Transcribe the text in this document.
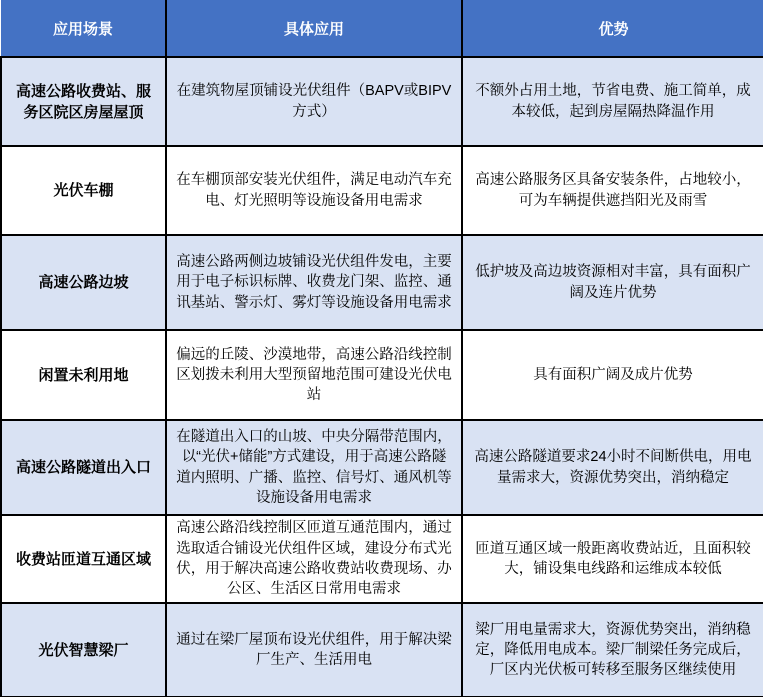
应用场景	具体应用	优势
高速公路收费站、服务区院区房屋屋顶	在建筑物屋顶铺设光伏组件（BAPV或BIPV方式）	不额外占用土地，节省电费、施工简单，成本较低，起到房屋隔热降温作用
光伏车棚	在车棚顶部安装光伏组件，满足电动汽车充电、灯光照明等设施设备用电需求	高速公路服务区具备安装条件，占地较小，可为车辆提供遮挡阳光及雨雪
高速公路边坡	高速公路两侧边坡铺设光伏组件发电，主要用于电子标识标牌、收费龙门架、监控、通讯基站、警示灯、雾灯等设施设备用电需求	低护坡及高边坡资源相对丰富，具有面积广阔及连片优势
闲置未利用地	偏远的丘陵、沙漠地带，高速公路沿线控制区划拨未利用大型预留地范围可建设光伏电站	具有面积广阔及成片优势
高速公路隧道出入口	在隧道出入口的山坡、中央分隔带范围内，以“光伏+储能”方式建设，用于高速公路隧道内照明、广播、监控、信号灯、通风机等设施设备用电需求	高速公路隧道要求24小时不间断供电，用电量需求大，资源优势突出，消纳稳定
收费站匝道互通区域	高速公路沿线控制区匝道互通范围内，通过选取适合铺设光伏组件区域，建设分布式光伏，用于解决高速公路收费站收费现场、办公区、生活区日常用电需求	匝道互通区域一般距离收费站近，且面积较大，铺设集电线路和运维成本较低
光伏智慧梁厂	通过在梁厂屋顶布设光伏组件，用于解决梁厂生产、生活用电	梁厂用电量需求大，资源优势突出，消纳稳定，降低用电成本。梁厂制梁任务完成后，厂区内光伏板可转移至服务区继续使用
